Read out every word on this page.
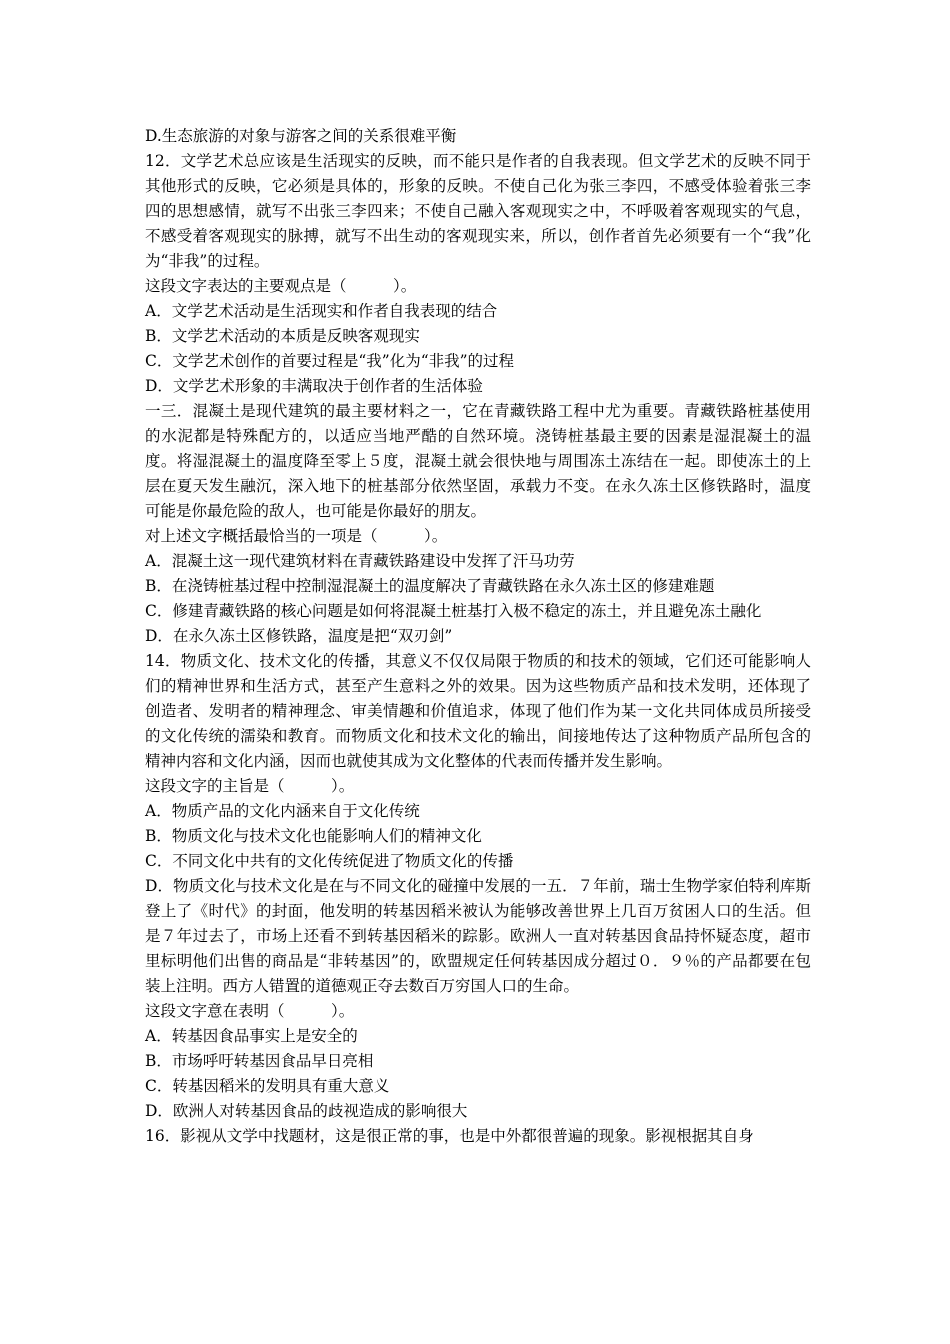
D.生态旅游的对象与游客之间的关系很难平衡

12．文学艺术总应该是生活现实的反映，而不能只是作者的自我表现。但文学艺术的反映不同于其他形式的反映，它必须是具体的，形象的反映。不使自己化为张三李四，不感受体验着张三李四的思想感情，就写不出张三李四来；不使自己融入客观现实之中，不呼吸着客观现实的气息，不感受着客观现实的脉搏，就写不出生动的客观现实来，所以，创作者首先必须要有一个“我”化为“非我”的过程。

这段文字表达的主要观点是（　　　）。

A．文学艺术活动是生活现实和作者自我表现的结合

B．文学艺术活动的本质是反映客观现实

C．文学艺术创作的首要过程是“我”化为“非我”的过程

D．文学艺术形象的丰满取决于创作者的生活体验

一三．混凝土是现代建筑的最主要材料之一，它在青藏铁路工程中尤为重要。青藏铁路桩基使用的水泥都是特殊配方的，以适应当地严酷的自然环境。浇铸桩基最主要的因素是湿混凝土的温度。将湿混凝土的温度降至零上５度，混凝土就会很快地与周围冻土冻结在一起。即使冻土的上层在夏天发生融沉，深入地下的桩基部分依然坚固，承载力不变。在永久冻土区修铁路时，温度可能是你最危险的敌人，也可能是你最好的朋友。

对上述文字概括最恰当的一项是（　　　）。

A．混凝土这一现代建筑材料在青藏铁路建设中发挥了汗马功劳

B．在浇铸桩基过程中控制湿混凝土的温度解决了青藏铁路在永久冻土区的修建难题

C．修建青藏铁路的核心问题是如何将混凝土桩基打入极不稳定的冻土，并且避免冻土融化

D．在永久冻土区修铁路，温度是把“双刃剑”

14．物质文化、技术文化的传播，其意义不仅仅局限于物质的和技术的领域，它们还可能影响人们的精神世界和生活方式，甚至产生意料之外的效果。因为这些物质产品和技术发明，还体现了创造者、发明者的精神理念、审美情趣和价值追求，体现了他们作为某一文化共同体成员所接受的文化传统的濡染和教育。而物质文化和技术文化的输出，间接地传达了这种物质产品所包含的精神内容和文化内涵，因而也就使其成为文化整体的代表而传播并发生影响。

这段文字的主旨是（　　　）。

A．物质产品的文化内涵来自于文化传统

B．物质文化与技术文化也能影响人们的精神文化

C．不同文化中共有的文化传统促进了物质文化的传播

D．物质文化与技术文化是在与不同文化的碰撞中发展的一五．７年前，瑞士生物学家伯特利库斯登上了《时代》的封面，他发明的转基因稻米被认为能够改善世界上几百万贫困人口的生活。但是７年过去了，市场上还看不到转基因稻米的踪影。欧洲人一直对转基因食品持怀疑态度，超市里标明他们出售的商品是“非转基因”的，欧盟规定任何转基因成分超过０．９％的产品都要在包装上注明。西方人错置的道德观正夺去数百万穷国人口的生命。

这段文字意在表明（　　　）。

A．转基因食品事实上是安全的

B．市场呼吁转基因食品早日亮相

C．转基因稻米的发明具有重大意义

D．欧洲人对转基因食品的歧视造成的影响很大

16．影视从文学中找题材，这是很正常的事，也是中外都很普遍的现象。影视根据其自身
